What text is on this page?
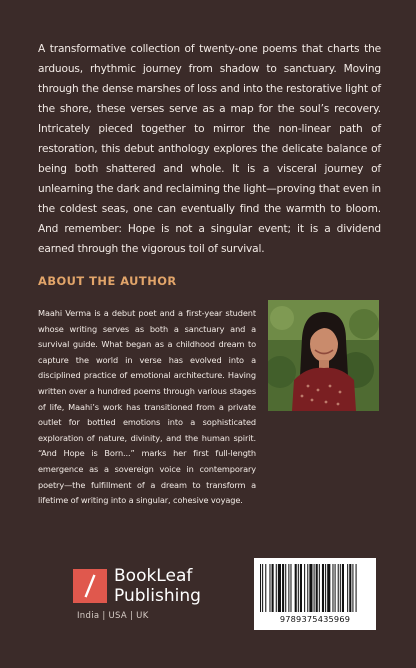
A transformative collection of twenty-one poems that charts the arduous, rhythmic journey from shadow to sanctuary. Moving through the dense marshes of loss and into the restorative light of the shore, these verses serve as a map for the soul’s recovery. Intricately pieced together to mirror the non-linear path of restoration, this debut anthology explores the delicate balance of being both shattered and whole. It is a visceral journey of unlearning the dark and reclaiming the light—proving that even in the coldest seas, one can eventually find the warmth to bloom. And remember: Hope is not a singular event; it is a dividend earned through the vigorous toil of survival.

ABOUT THE AUTHOR

Maahi Verma is a debut poet and a first-year student whose writing serves as both a sanctuary and a survival guide. What began as a childhood dream to capture the world in verse has evolved into a disciplined practice of emotional architecture. Having written over a hundred poems through various stages of life, Maahi’s work has transitioned from a private outlet for bottled emotions into a sophisticated exploration of nature, divinity, and the human spirit. “And Hope is Born...” marks her first full-length emergence as a sovereign voice in contemporary poetry—the fulfillment of a dream to transform a lifetime of writing into a singular, cohesive voyage.

BookLeaf
Publishing

India | USA | UK	9789375435969
